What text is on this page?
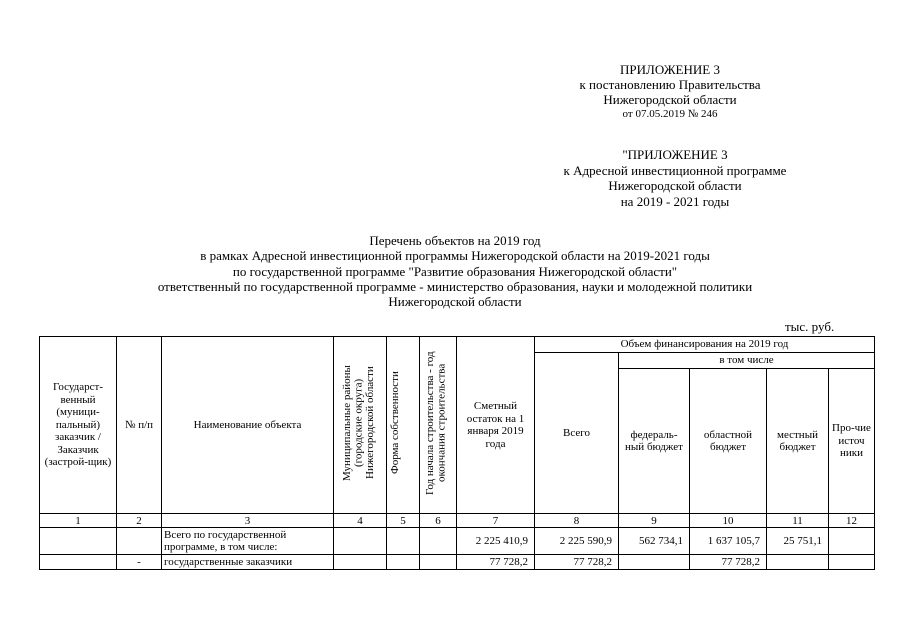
ПРИЛОЖЕНИЕ 3
к постановлению Правительства
Нижегородской области
от 07.05.2019 № 246
"ПРИЛОЖЕНИЕ 3
к Адресной инвестиционной программе
Нижегородской области
на 2019 - 2021 годы
Перечень объектов на 2019 год
в рамках Адресной инвестиционной программы Нижегородской области на 2019-2021 годы
по государственной программе "Развитие образования Нижегородской области"
ответственный по государственной программе - министерство образования, науки и молодежной политики
Нижегородской области
тыс. руб.
Государст-венный (муници-пальный) заказчик / Заказчик (застрой-щик)	№ п/п	Наименование объекта	Муниципальные районы (городские округа) Нижегородской области	Форма собственности	Год начала строительства - год окончания строительства	Сметный остаток на 1 января 2019 года	Объем финансирования на 2019 год				
							Всего	в том числе			
								федераль-ный бюджет	областной бюджет	местный бюджет	Про-чие источ ники
1	2	3	4	5	6	7	8	9	10	11	12
		Всего по государственной программе, в том числе:				2 225 410,9	2 225 590,9	562 734,1	1 637 105,7	25 751,1	
	-	государственные заказчики				77 728,2	77 728,2		77 728,2		
